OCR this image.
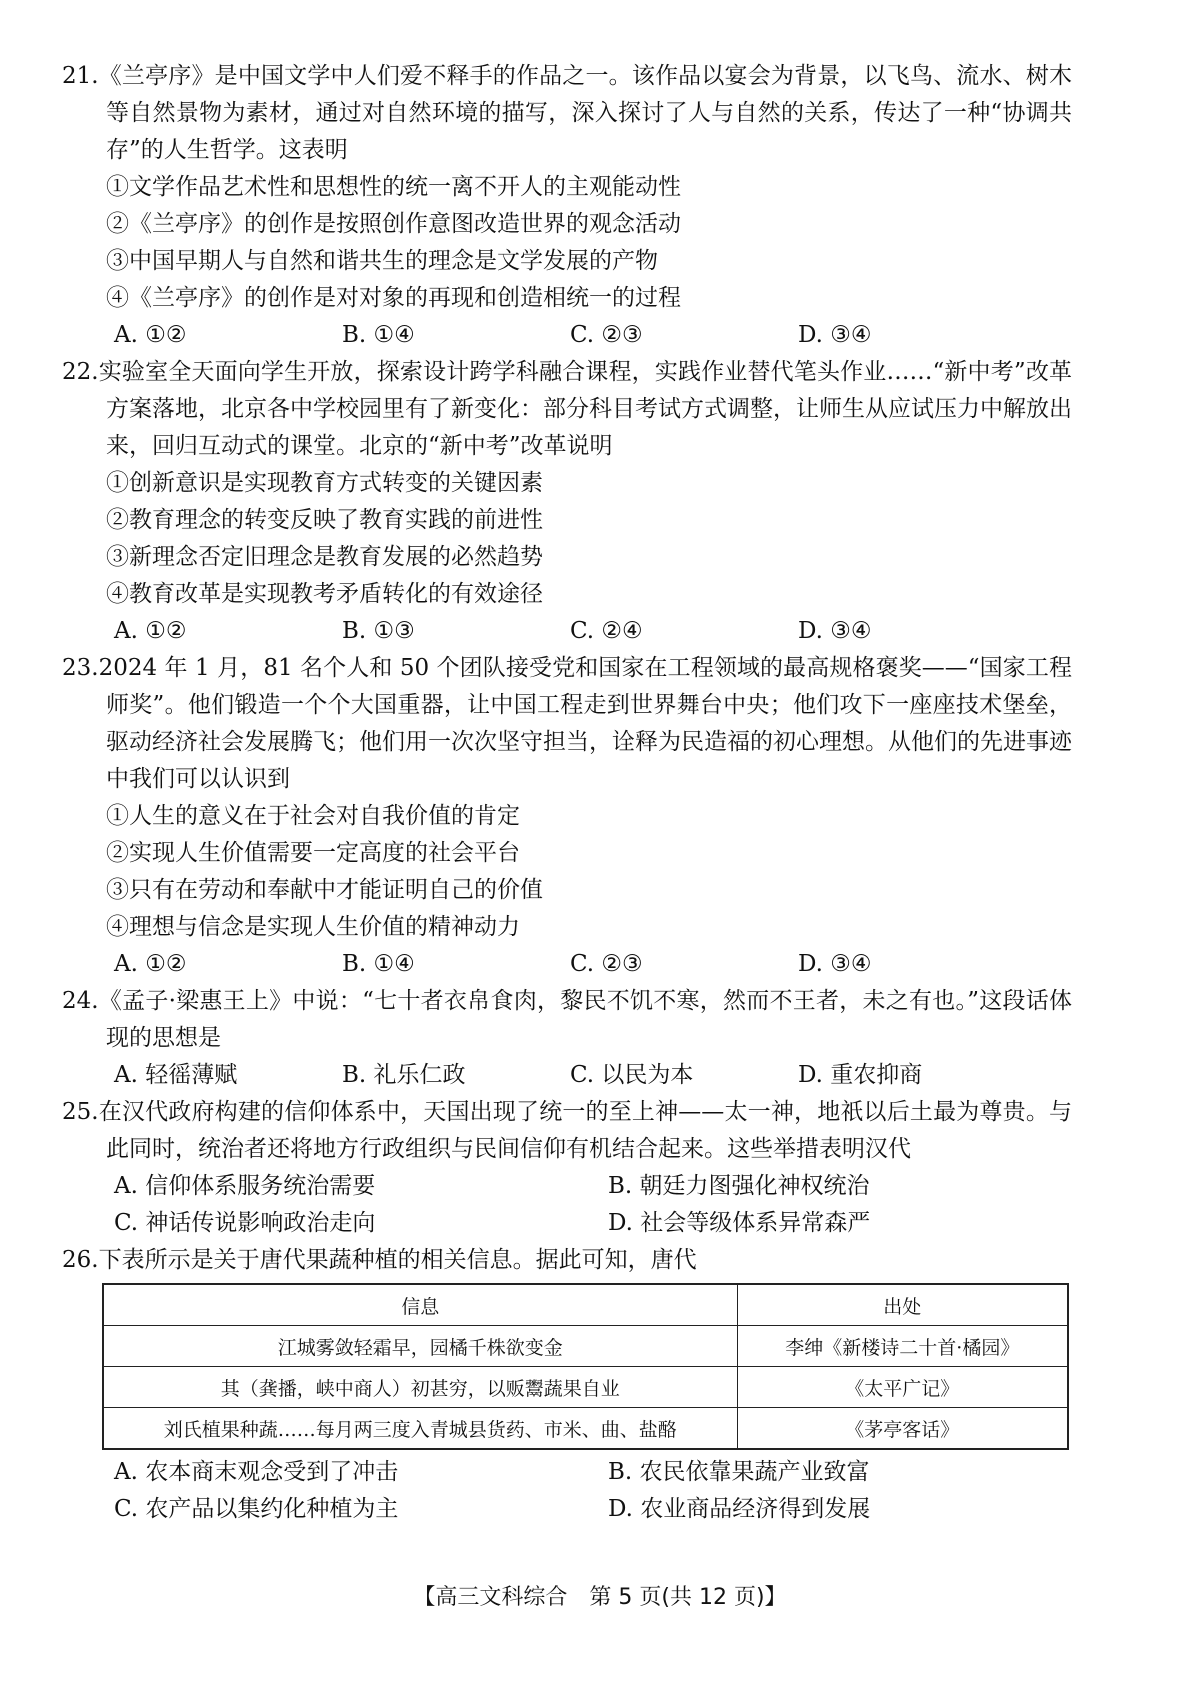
21.《兰亭序》是中国文学中人们爱不释手的作品之一。该作品以宴会为背景，以飞鸟、流水、树木等自然景物为素材，通过对自然环境的描写，深入探讨了人与自然的关系，传达了一种“协调共存”的人生哲学。这表明

①文学作品艺术性和思想性的统一离不开人的主观能动性

②《兰亭序》的创作是按照创作意图改造世界的观念活动

③中国早期人与自然和谐共生的理念是文学发展的产物

④《兰亭序》的创作是对对象的再现和创造相统一的过程

A. ①②	B. ①④	C. ②③	D. ③④

22.实验室全天面向学生开放，探索设计跨学科融合课程，实践作业替代笔头作业……“新中考”改革方案落地，北京各中学校园里有了新变化：部分科目考试方式调整，让师生从应试压力中解放出来，回归互动式的课堂。北京的“新中考”改革说明

①创新意识是实现教育方式转变的关键因素

②教育理念的转变反映了教育实践的前进性

③新理念否定旧理念是教育发展的必然趋势

④教育改革是实现教考矛盾转化的有效途径

A. ①②	B. ①③	C. ②④	D. ③④

23.2024 年 1 月，81 名个人和 50 个团队接受党和国家在工程领域的最高规格褒奖——“国家工程师奖”。他们锻造一个个大国重器，让中国工程走到世界舞台中央；他们攻下一座座技术堡垒，驱动经济社会发展腾飞；他们用一次次坚守担当，诠释为民造福的初心理想。从他们的先进事迹中我们可以认识到

①人生的意义在于社会对自我价值的肯定

②实现人生价值需要一定高度的社会平台

③只有在劳动和奉献中才能证明自己的价值

④理想与信念是实现人生价值的精神动力

A. ①②	B. ①④	C. ②③	D. ③④

24.《孟子·梁惠王上》中说：“七十者衣帛食肉，黎民不饥不寒，然而不王者，未之有也。”这段话体现的思想是

A. 轻徭薄赋	B. 礼乐仁政	C. 以民为本	D. 重农抑商

25.在汉代政府构建的信仰体系中，天国出现了统一的至上神——太一神，地祇以后土最为尊贵。与此同时，统治者还将地方行政组织与民间信仰有机结合起来。这些举措表明汉代

A. 信仰体系服务统治需要	B. 朝廷力图强化神权统治
C. 神话传说影响政治走向	D. 社会等级体系异常森严

26.下表所示是关于唐代果蔬种植的相关信息。据此可知，唐代

信息	出处
江城雾敛轻霜早，园橘千株欲变金	李绅《新楼诗二十首·橘园》
其（龚播，峡中商人）初甚穷，以贩鬻蔬果自业	《太平广记》
刘氏植果种蔬……每月两三度入青城县货药、市米、曲、盐酪	《茅亭客话》
A. 农本商末观念受到了冲击	B. 农民依靠果蔬产业致富
C. 农产品以集约化种植为主	D. 农业商品经济得到发展
【高三文科综合　第 5 页(共 12 页)】
